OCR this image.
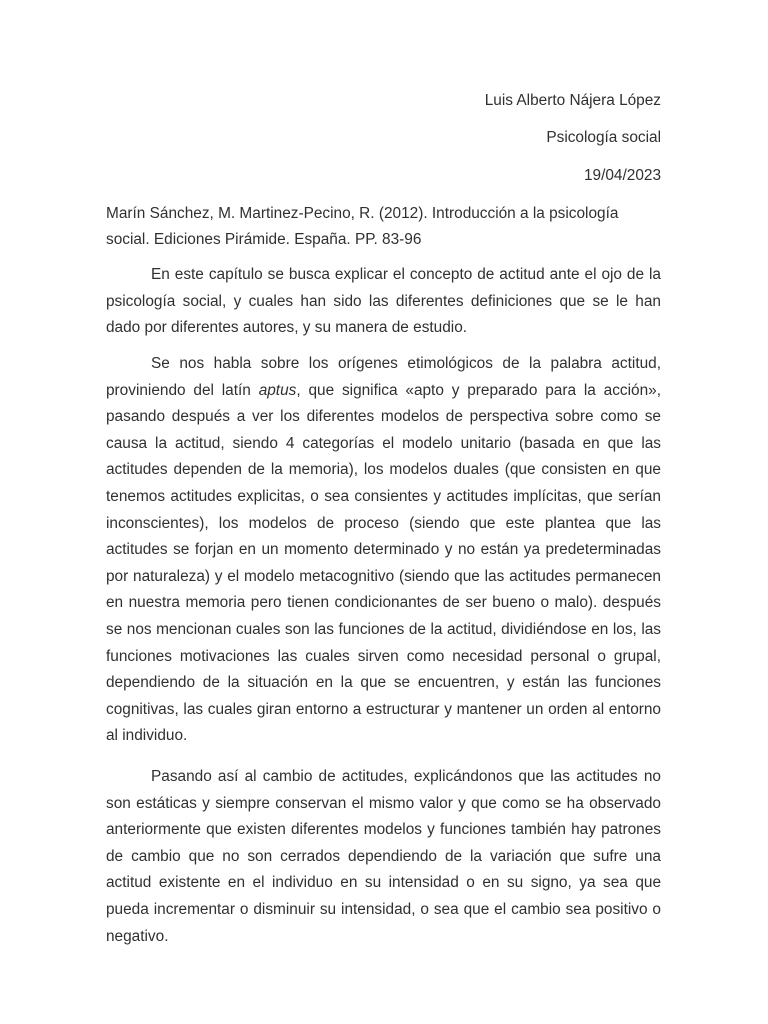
Luis Alberto Nájera López
Psicología social
19/04/2023
Marín Sánchez, M. Martinez-Pecino, R. (2012). Introducción a la psicología social. Ediciones Pirámide. España. PP. 83-96
En este capítulo se busca explicar el concepto de actitud ante el ojo de la psicología social, y cuales han sido las diferentes definiciones que se le han dado por diferentes autores, y su manera de estudio.
Se nos habla sobre los orígenes etimológicos de la palabra actitud, proviniendo del latín aptus, que significa «apto y preparado para la acción», pasando después a ver los diferentes modelos de perspectiva sobre como se causa la actitud, siendo 4 categorías el modelo unitario (basada en que las actitudes dependen de la memoria), los modelos duales (que consisten en que tenemos actitudes explicitas, o sea consientes y actitudes implícitas, que serían inconscientes), los modelos de proceso (siendo que este plantea que las actitudes se forjan en un momento determinado y no están ya predeterminadas por naturaleza) y el modelo metacognitivo (siendo que las actitudes permanecen en nuestra memoria pero tienen condicionantes de ser bueno o malo). después se nos mencionan cuales son las funciones de la actitud, dividiéndose en los, las funciones motivaciones las cuales sirven como necesidad personal o grupal, dependiendo de la situación en la que se encuentren, y están las funciones cognitivas, las cuales giran entorno a estructurar y mantener un orden al entorno al individuo.
Pasando así al cambio de actitudes, explicándonos que las actitudes no son estáticas y siempre conservan el mismo valor y que como se ha observado anteriormente que existen diferentes modelos y funciones también hay patrones de cambio que no son cerrados dependiendo de la variación que sufre una actitud existente en el individuo en su intensidad o en su signo, ya sea que pueda incrementar o disminuir su intensidad, o sea que el cambio sea positivo o negativo.
